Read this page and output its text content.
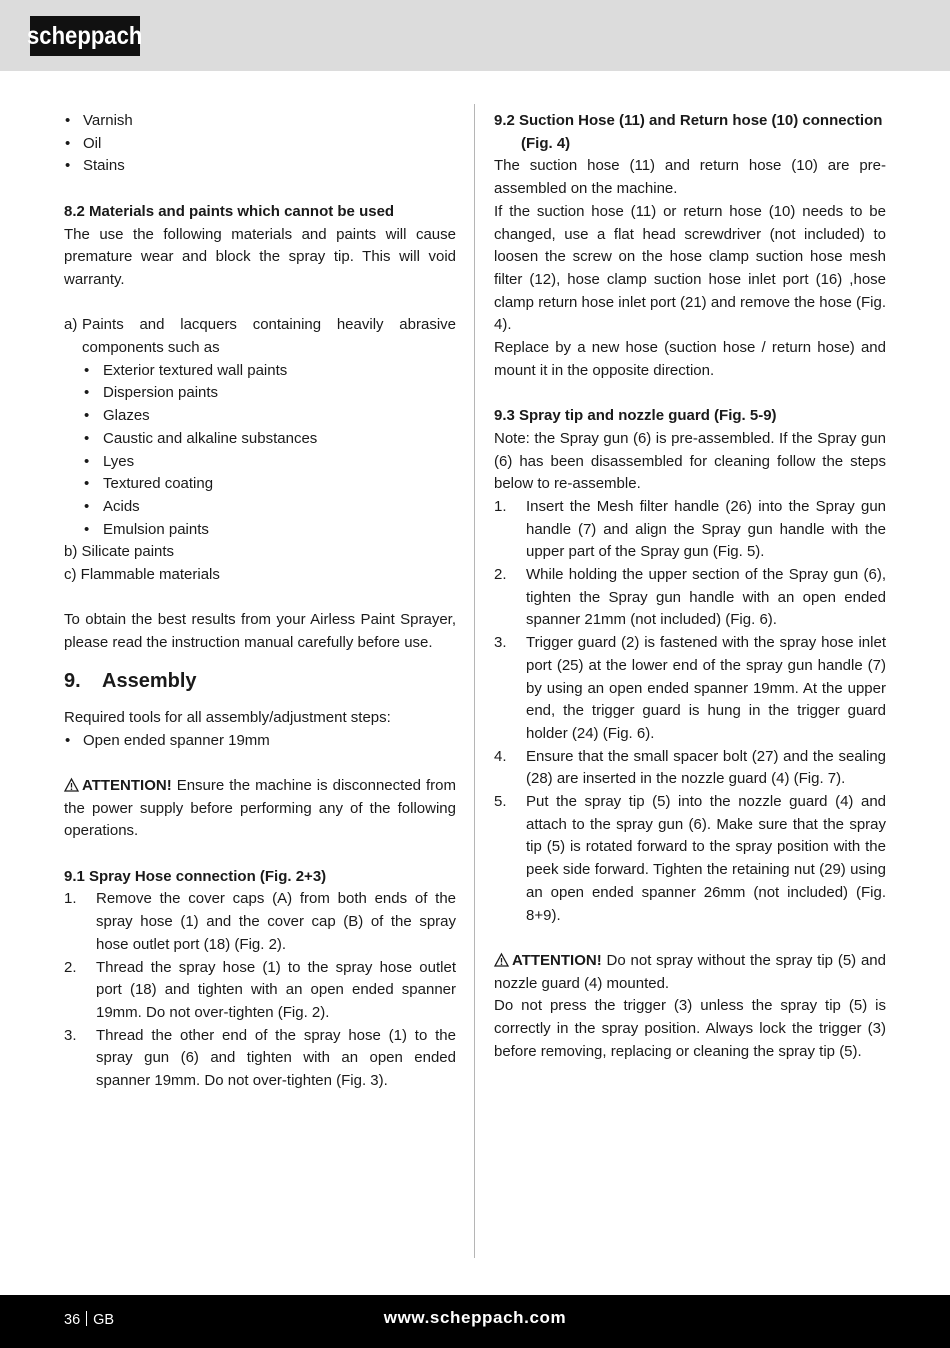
scheppach

• Varnish

• Oil

• Stains

8.2 Materials and paints which cannot be used

The use the following materials and paints will cause premature wear and block the spray tip. This will void warranty.

a) Paints and lacquers containing heavily abrasive components such as

• Exterior textured wall paints

• Dispersion paints

• Glazes

• Caustic and alkaline substances

• Lyes

• Textured coating

• Acids

• Emulsion paints

b) Silicate paints

c) Flammable materials

To obtain the best results from your Airless Paint Sprayer, please read the instruction manual carefully before use.

9. Assembly

Required tools for all assembly/adjustment steps:

• Open ended spanner 19mm

ATTENTION! Ensure the machine is disconnected from the power supply before performing any of the following operations.

9.1 Spray Hose connection (Fig. 2+3)

1. Remove the cover caps (A) from both ends of the spray hose (1) and the cover cap (B) of the spray hose outlet port (18) (Fig. 2).
2. Thread the spray hose (1) to the spray hose outlet port (18) and tighten with an open ended spanner 19mm. Do not over-tighten (Fig. 2).
3. Thread the other end of the spray hose (1) to the spray gun (6) and tighten with an open ended spanner 19mm. Do not over-tighten (Fig. 3).

9.2 Suction Hose (11) and Return hose (10) connection (Fig. 4)

The suction hose (11) and return hose (10) are pre-assembled on the machine.

If the suction hose (11) or return hose (10) needs to be changed, use a flat head screwdriver (not included) to loosen the screw on the hose clamp suction hose mesh filter (12), hose clamp suction hose inlet port (16) ,hose clamp return hose inlet port (21) and remove the hose (Fig. 4).

Replace by a new hose (suction hose / return hose) and mount it in the opposite direction.

9.3 Spray tip and nozzle guard (Fig. 5-9)

Note: the Spray gun (6) is pre-assembled. If the Spray gun (6) has been disassembled for cleaning follow the steps below to re-assemble.

1. Insert the Mesh filter handle (26) into the Spray gun handle (7) and align the Spray gun handle with the upper part of the Spray gun (Fig. 5).
2. While holding the upper section of the Spray gun (6), tighten the Spray gun handle with an open ended spanner 21mm (not included) (Fig. 6).
3. Trigger guard (2) is fastened with the spray hose inlet port (25) at the lower end of the spray gun handle (7) by using an open ended spanner 19mm. At the upper end, the trigger guard is hung in the trigger guard holder (24) (Fig. 6).
4. Ensure that the small spacer bolt (27) and the sealing (28) are inserted in the nozzle guard (4) (Fig. 7).
5. Put the spray tip (5) into the nozzle guard (4) and attach to the spray gun (6). Make sure that the spray tip (5) is rotated forward to the spray position with the peek side forward. Tighten the retaining nut (29) using an open ended spanner 26mm (not included) (Fig. 8+9).

ATTENTION! Do not spray without the spray tip (5) and nozzle guard (4) mounted.

Do not press the trigger (3) unless the spray tip (5) is correctly in the spray position. Always lock the trigger (3) before removing, replacing or cleaning the spray tip (5).

36 GB	www.scheppach.com
